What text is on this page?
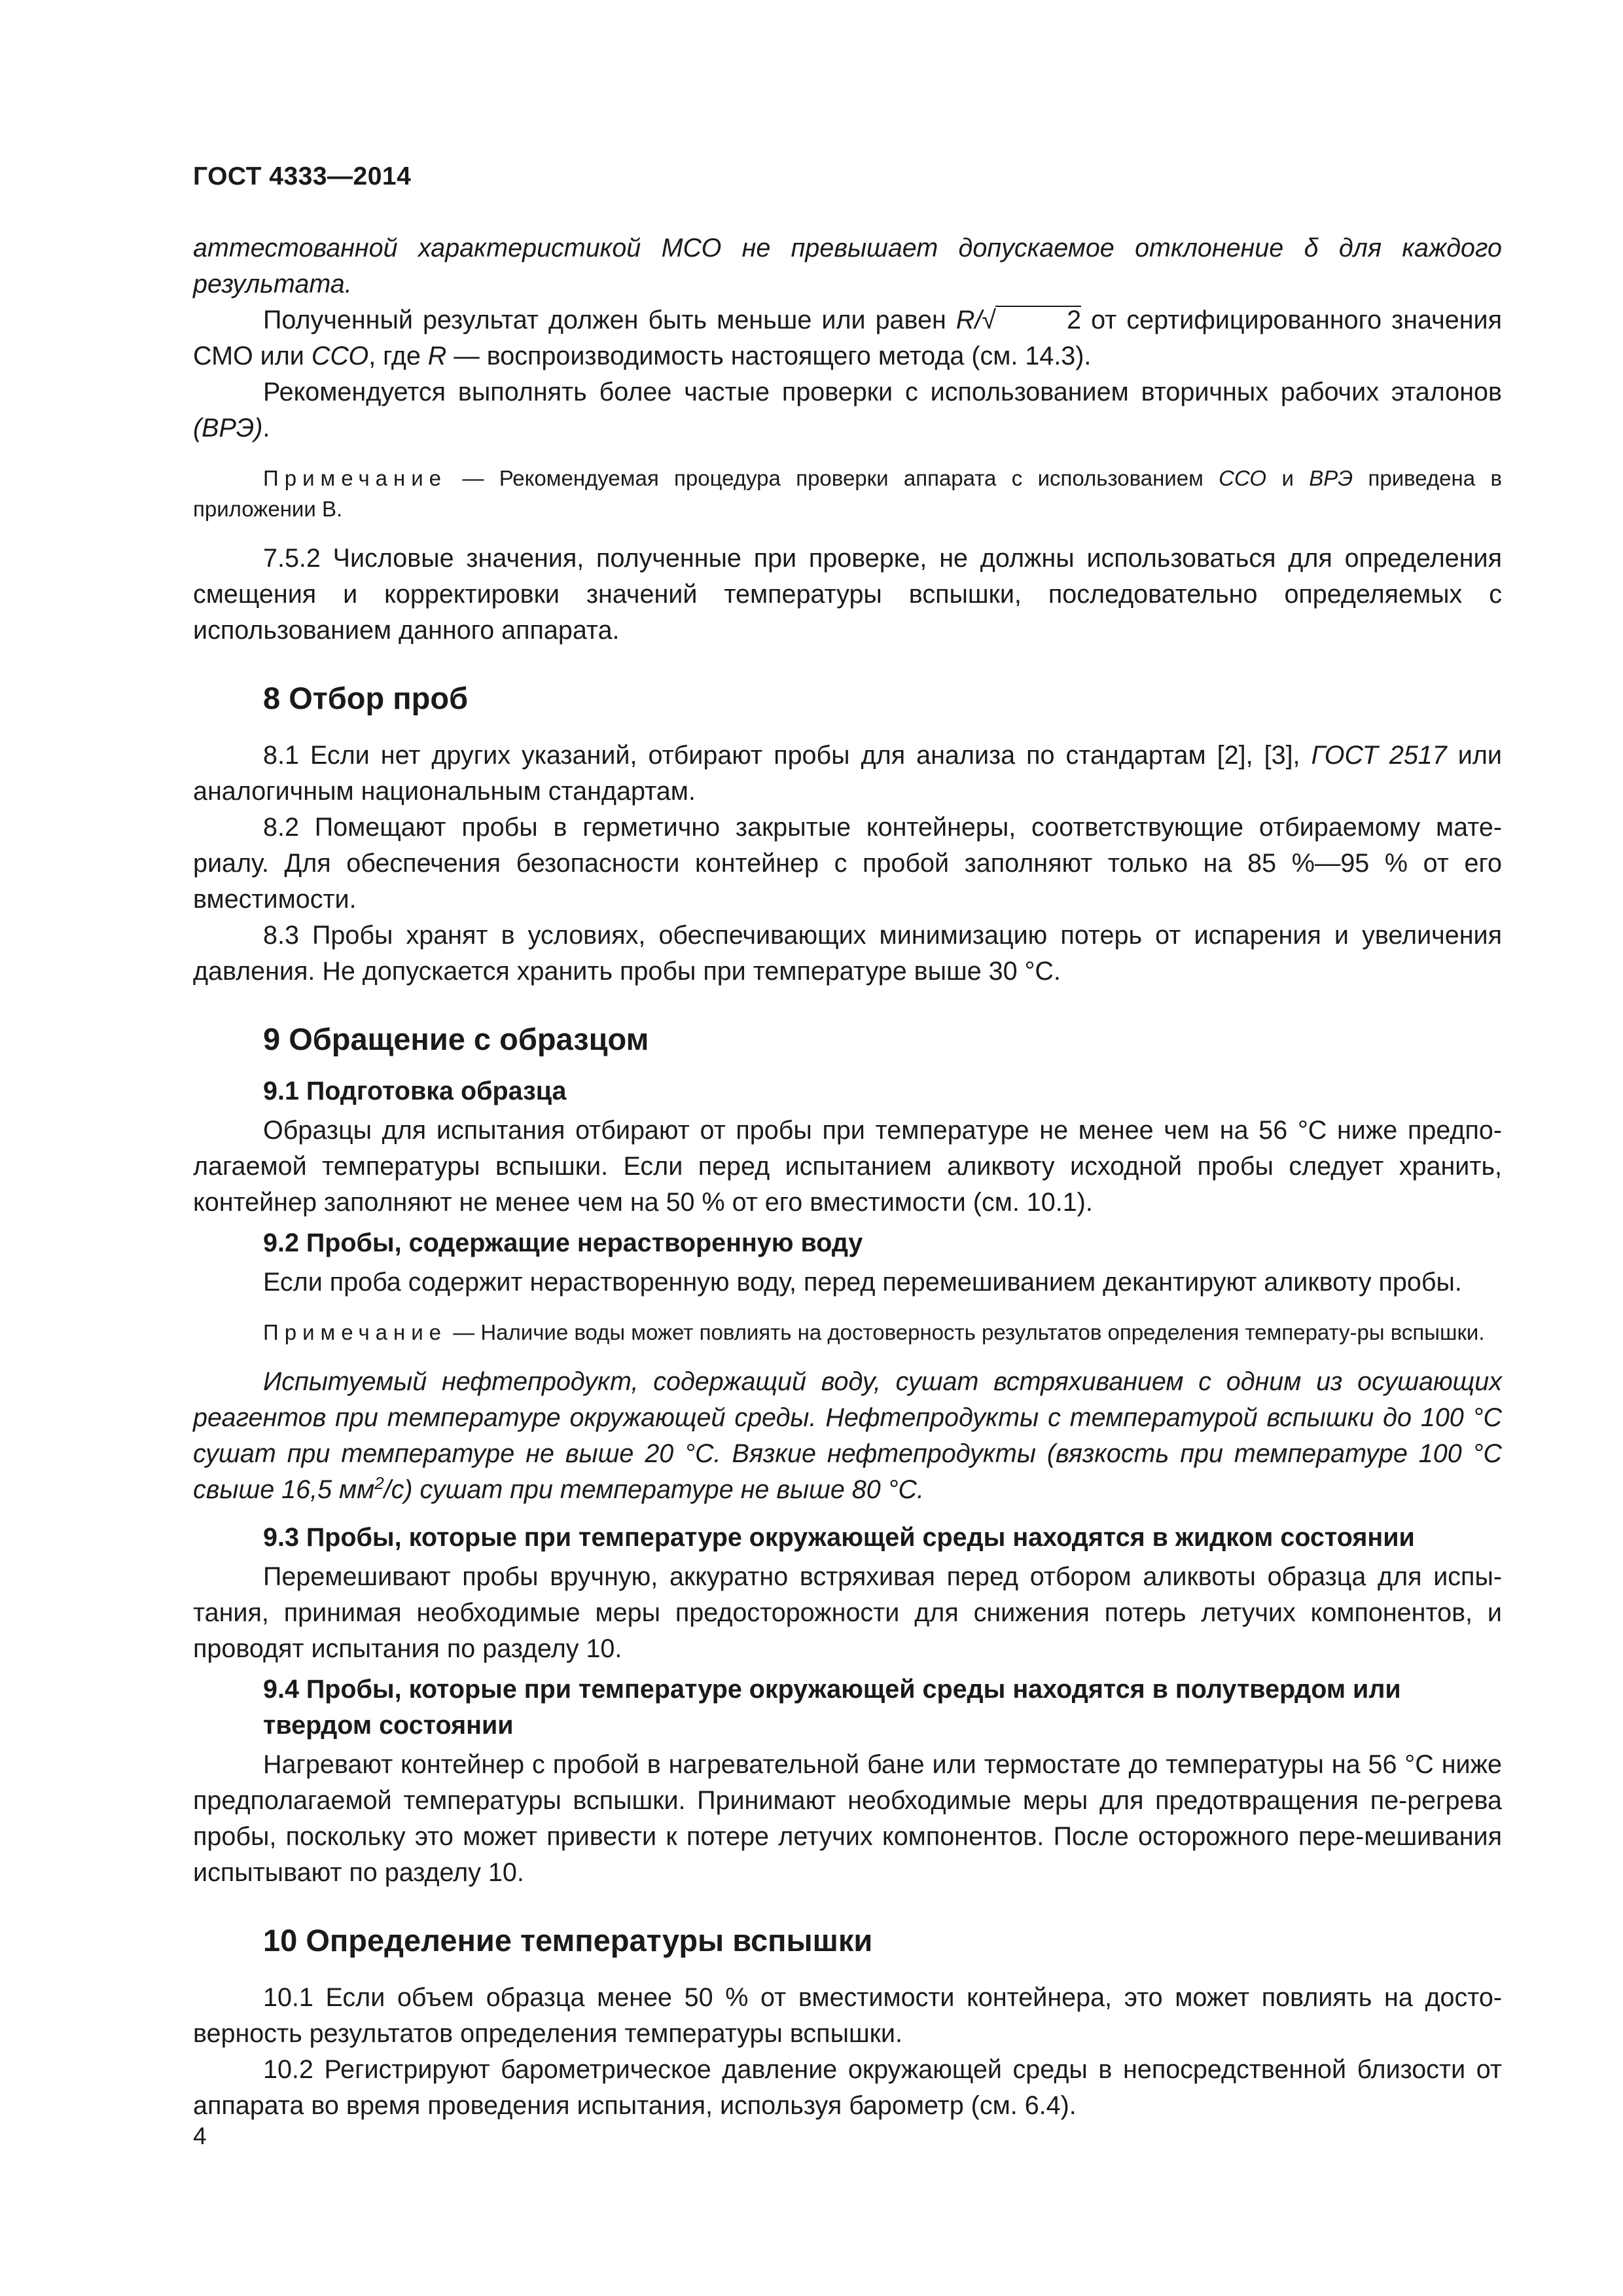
ГОСТ 4333—2014

аттестованной характеристикой МСО не превышает допускаемое отклонение δ для каждого результата.

Полученный результат должен быть меньше или равен R/√	2 от сертифицированного значения СМО или ССО, где R — воспроизводимость настоящего метода (см. 14.3).

Рекомендуется выполнять более частые проверки с использованием вторичных рабочих эталонов (ВРЭ).

Примечание — Рекомендуемая процедура проверки аппарата с использованием ССО и ВРЭ приведена в приложении В.

7.5.2 Числовые значения, полученные при проверке, не должны использоваться для определения смещения и корректировки значений температуры вспышки, последовательно определяемых с использованием данного аппарата.

8 Отбор проб

8.1 Если нет других указаний, отбирают пробы для анализа по стандартам [2], [3], ГОСТ 2517 или аналогичным национальным стандартам.

8.2 Помещают пробы в герметично закрытые контейнеры, соответствующие отбираемому мате-риалу. Для обеспечения безопасности контейнер с пробой заполняют только на 85 %—95 % от его вместимости.

8.3 Пробы хранят в условиях, обеспечивающих минимизацию потерь от испарения и увеличения давления. Не допускается хранить пробы при температуре выше 30 °С.

9 Обращение с образцом
9.1 Подготовка образца

Образцы для испытания отбирают от пробы при температуре не менее чем на 56 °С ниже предпо-лагаемой температуры вспышки. Если перед испытанием аликвоту исходной пробы следует хранить, контейнер заполняют не менее чем на 50 % от его вместимости (см. 10.1).

9.2 Пробы, содержащие нерастворенную воду

Если проба содержит нерастворенную воду, перед перемешиванием декантируют аликвоту пробы.

Примечание — Наличие воды может повлиять на достоверность результатов определения температу-ры вспышки.

Испытуемый нефтепродукт, содержащий воду, сушат встряхиванием с одним из осушающих реагентов при температуре окружающей среды. Нефтепродукты с температурой вспышки до 100 °С сушат при температуре не выше 20 °С. Вязкие нефтепродукты (вязкость при температуре 100 °С свыше 16,5 $мм^2/с$) сушат при температуре не выше 80 °С.

9.3 Пробы, которые при температуре окружающей среды находятся в жидком состоянии

Перемешивают пробы вручную, аккуратно встряхивая перед отбором аликвоты образца для испы-тания, принимая необходимые меры предосторожности для снижения потерь летучих компонентов, и проводят испытания по разделу 10.

9.4 Пробы, которые при температуре окружающей среды находятся в полутвердом или твердом состоянии

Нагревают контейнер с пробой в нагревательной бане или термостате до температуры на 56 °С ниже предполагаемой температуры вспышки. Принимают необходимые меры для предотвращения пе-регрева пробы, поскольку это может привести к потере летучих компонентов. После осторожного пере-мешивания испытывают по разделу 10.

10 Определение температуры вспышки

10.1 Если объем образца менее 50 % от вместимости контейнера, это может повлиять на досто-верность результатов определения температуры вспышки.

10.2 Регистрируют барометрическое давление окружающей среды в непосредственной близости от аппарата во время проведения испытания, используя барометр (см. 6.4).

4
